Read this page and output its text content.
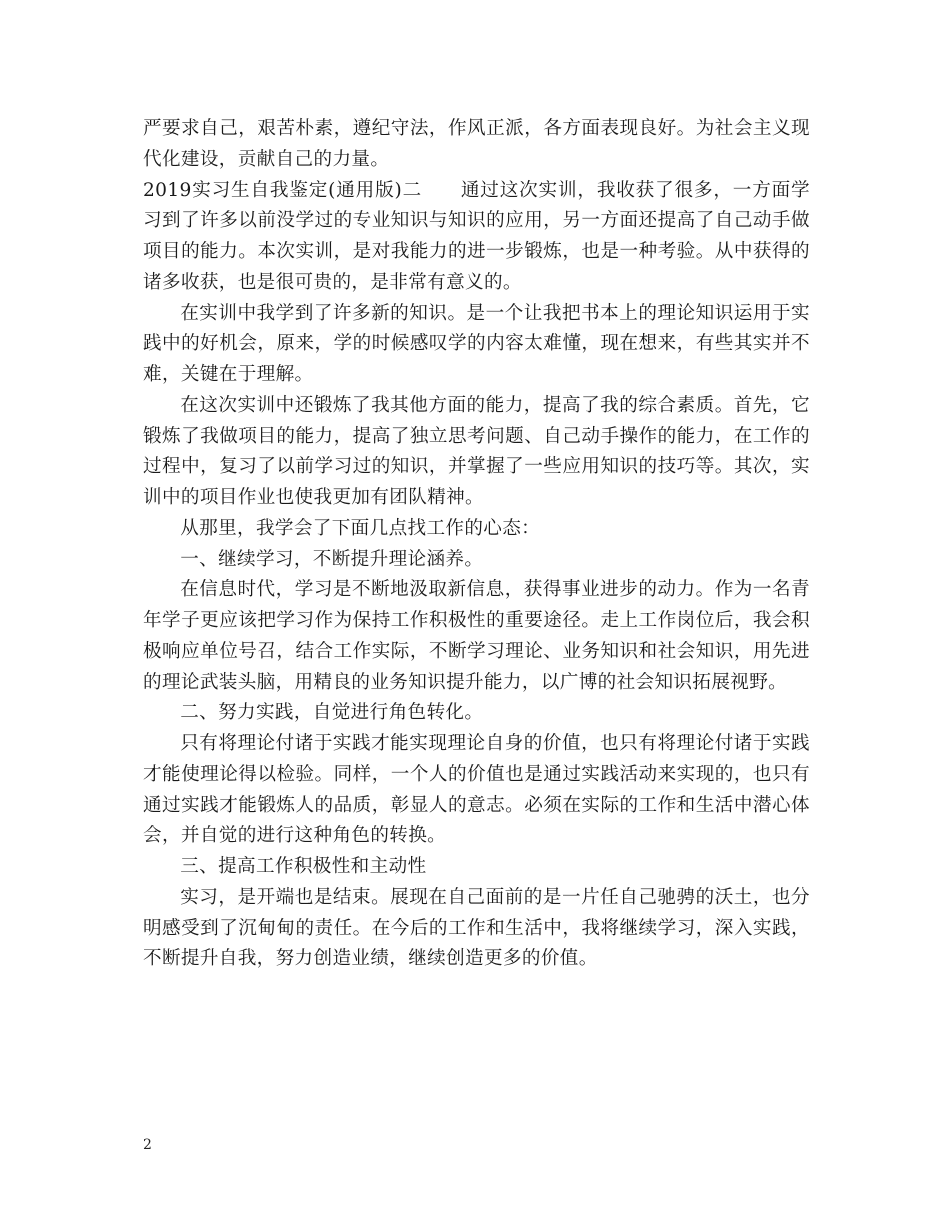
严要求自己，艰苦朴素，遵纪守法，作风正派，各方面表现良好。为社会主义现代化建设，贡献自己的力量。

2019实习生自我鉴定(通用版)二　　通过这次实训，我收获了很多，一方面学习到了许多以前没学过的专业知识与知识的应用，另一方面还提高了自己动手做项目的能力。本次实训，是对我能力的进一步锻炼，也是一种考验。从中获得的诸多收获，也是很可贵的，是非常有意义的。

在实训中我学到了许多新的知识。是一个让我把书本上的理论知识运用于实践中的好机会，原来，学的时候感叹学的内容太难懂，现在想来，有些其实并不难，关键在于理解。

在这次实训中还锻炼了我其他方面的能力，提高了我的综合素质。首先，它锻炼了我做项目的能力，提高了独立思考问题、自己动手操作的能力，在工作的过程中，复习了以前学习过的知识，并掌握了一些应用知识的技巧等。其次，实训中的项目作业也使我更加有团队精神。

从那里，我学会了下面几点找工作的心态：

一、继续学习，不断提升理论涵养。

在信息时代，学习是不断地汲取新信息，获得事业进步的动力。作为一名青年学子更应该把学习作为保持工作积极性的重要途径。走上工作岗位后，我会积极响应单位号召，结合工作实际，不断学习理论、业务知识和社会知识，用先进的理论武装头脑，用精良的业务知识提升能力，以广博的社会知识拓展视野。

二、努力实践，自觉进行角色转化。

只有将理论付诸于实践才能实现理论自身的价值，也只有将理论付诸于实践才能使理论得以检验。同样，一个人的价值也是通过实践活动来实现的，也只有通过实践才能锻炼人的品质，彰显人的意志。必须在实际的工作和生活中潜心体会，并自觉的进行这种角色的转换。

三、提高工作积极性和主动性

实习，是开端也是结束。展现在自己面前的是一片任自己驰骋的沃土，也分明感受到了沉甸甸的责任。在今后的工作和生活中，我将继续学习，深入实践，不断提升自我，努力创造业绩，继续创造更多的价值。

2
